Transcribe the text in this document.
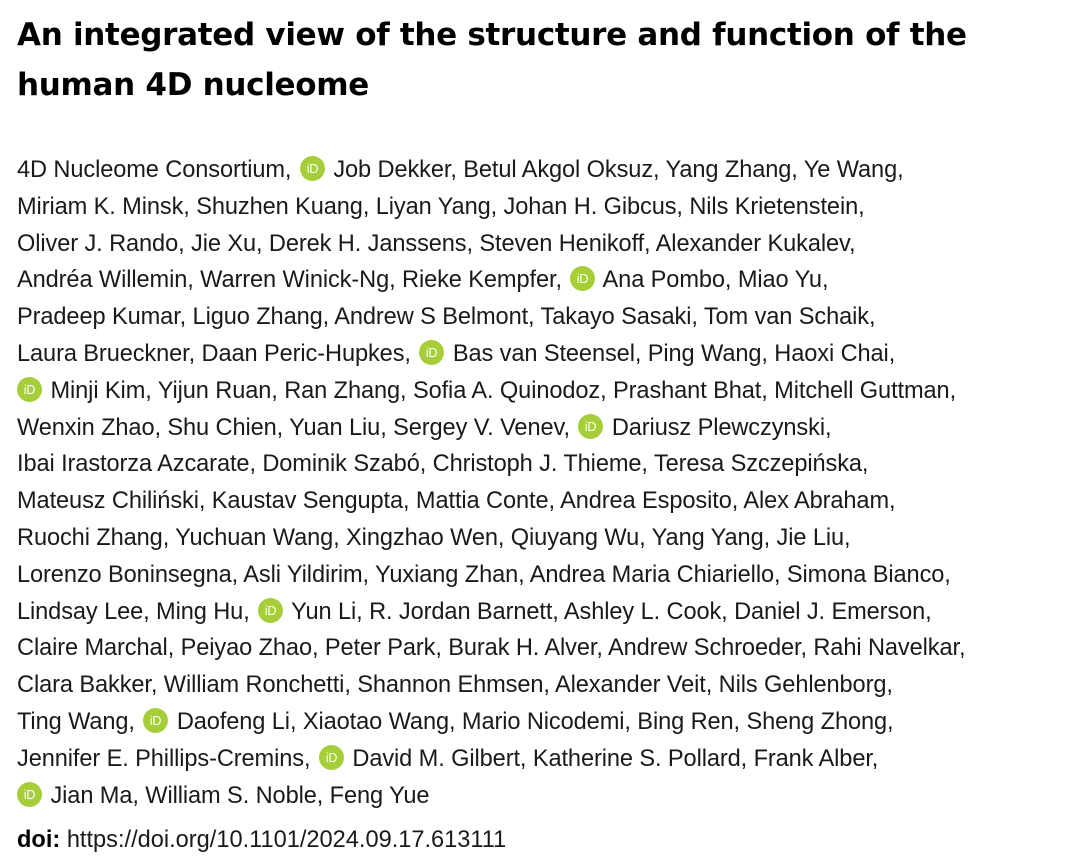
An integrated view of the structure and function of the
human 4D nucleome
4D Nucleome Consortium, iD Job Dekker, Betul Akgol Oksuz, Yang Zhang, Ye Wang,
Miriam K. Minsk, Shuzhen Kuang, Liyan Yang, Johan H. Gibcus, Nils Krietenstein,
Oliver J. Rando, Jie Xu, Derek H. Janssens, Steven Henikoff, Alexander Kukalev,
Andréa Willemin, Warren Winick-Ng, Rieke Kempfer, iD Ana Pombo, Miao Yu,
Pradeep Kumar, Liguo Zhang, Andrew S Belmont, Takayo Sasaki, Tom van Schaik,
Laura Brueckner, Daan Peric-Hupkes, iD Bas van Steensel, Ping Wang, Haoxi Chai,
iD Minji Kim, Yijun Ruan, Ran Zhang, Sofia A. Quinodoz, Prashant Bhat, Mitchell Guttman,
Wenxin Zhao, Shu Chien, Yuan Liu, Sergey V. Venev, iD Dariusz Plewczynski,
Ibai Irastorza Azcarate, Dominik Szabó, Christoph J. Thieme, Teresa Szczepińska,
Mateusz Chiliński, Kaustav Sengupta, Mattia Conte, Andrea Esposito, Alex Abraham,
Ruochi Zhang, Yuchuan Wang, Xingzhao Wen, Qiuyang Wu, Yang Yang, Jie Liu,
Lorenzo Boninsegna, Asli Yildirim, Yuxiang Zhan, Andrea Maria Chiariello, Simona Bianco,
Lindsay Lee, Ming Hu, iD Yun Li, R. Jordan Barnett, Ashley L. Cook, Daniel J. Emerson,
Claire Marchal, Peiyao Zhao, Peter Park, Burak H. Alver, Andrew Schroeder, Rahi Navelkar,
Clara Bakker, William Ronchetti, Shannon Ehmsen, Alexander Veit, Nils Gehlenborg,
Ting Wang, iD Daofeng Li, Xiaotao Wang, Mario Nicodemi, Bing Ren, Sheng Zhong,
Jennifer E. Phillips-Cremins, iD David M. Gilbert, Katherine S. Pollard, Frank Alber,
iD Jian Ma, William S. Noble, Feng Yue
doi: https://doi.org/10.1101/2024.09.17.613111
